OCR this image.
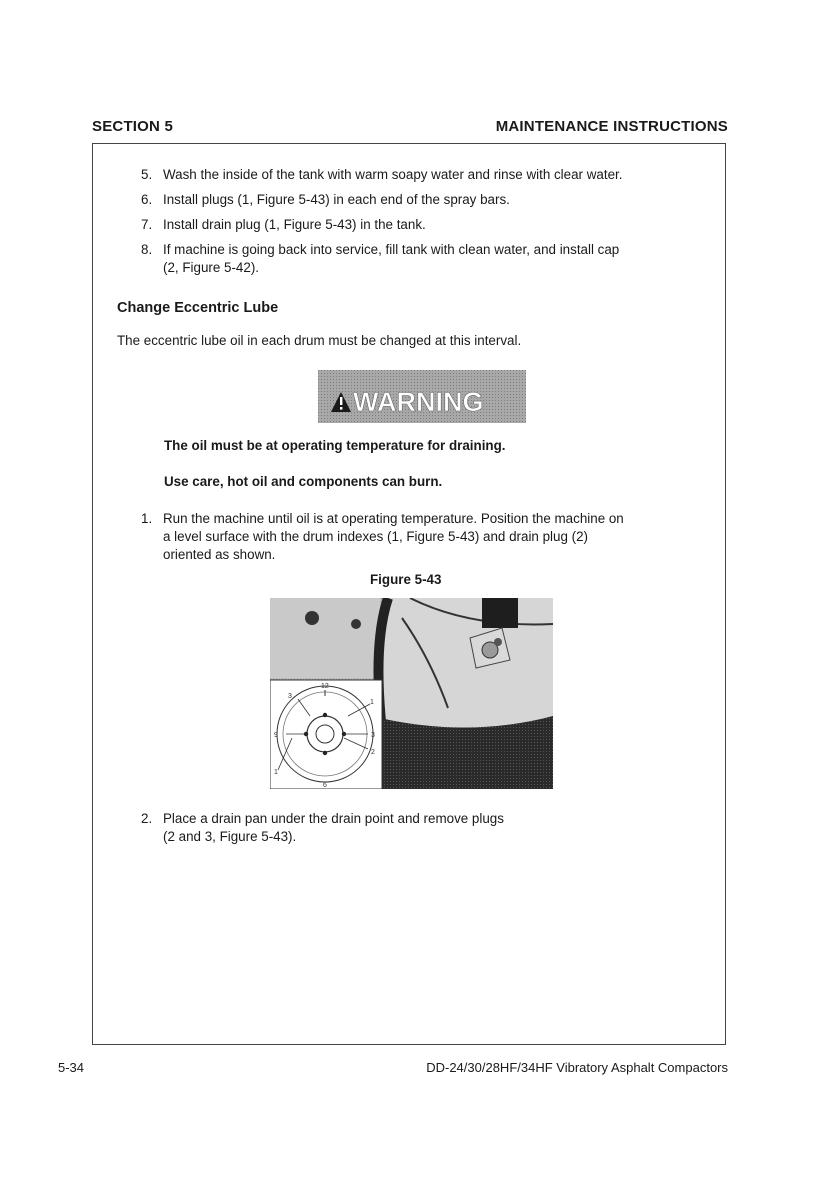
SECTION 5	MAINTENANCE INSTRUCTIONS
5. Wash the inside of the tank with warm soapy water and rinse with clear water.
6. Install plugs (1, Figure 5-43) in each end of the spray bars.
7. Install drain plug (1, Figure 5-43) in the tank.
8. If machine is going back into service, fill tank with clean water, and install cap
(2, Figure 5-42).
Change Eccentric Lube
The eccentric lube oil in each drum must be changed at this interval.
WARNING
The oil must be at operating temperature for draining.
Use care, hot oil and components can burn.
1. Run the machine until oil is at operating temperature. Position the machine on
a level surface with the drum indexes (1, Figure 5-43) and drain plug (2)
oriented as shown.
Figure 5-43
12
3
1
9	3
2
1
6
2. Place a drain pan under the drain point and remove plugs
(2 and 3, Figure 5-43).
5-34	DD-24/30/28HF/34HF Vibratory Asphalt Compactors
